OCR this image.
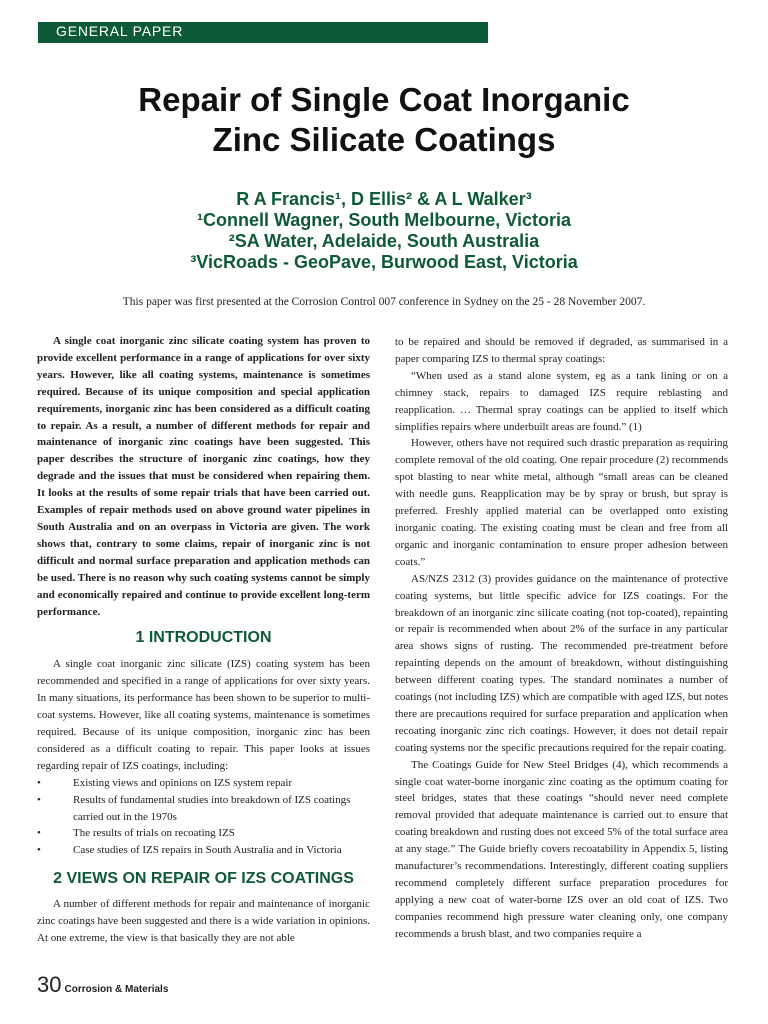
GENERAL PAPER
Repair of Single Coat Inorganic
Zinc Silicate Coatings
R A Francis¹, D Ellis² & A L Walker³
¹Connell Wagner, South Melbourne, Victoria
²SA Water, Adelaide, South Australia
³VicRoads - GeoPave, Burwood East, Victoria
This paper was first presented at the Corrosion Control 007 conference in Sydney on the 25 - 28 November 2007.

A single coat inorganic zinc silicate coating system has proven to provide excellent performance in a range of applications for over sixty years. However, like all coating systems, maintenance is sometimes required. Because of its unique composition and special application requirements, inorganic zinc has been considered as a difficult coating to repair. As a result, a number of different methods for repair and maintenance of inorganic zinc coatings have been suggested. This paper describes the structure of inorganic zinc coatings, how they degrade and the issues that must be considered when repairing them. It looks at the results of some repair trials that have been carried out. Examples of repair methods used on above ground water pipelines in South Australia and on an overpass in Victoria are given. The work shows that, contrary to some claims, repair of inorganic zinc is not difficult and normal surface preparation and application methods can be used. There is no reason why such coating systems cannot be simply and economically repaired and continue to provide excellent long-term performance.

1 INTRODUCTION

A single coat inorganic zinc silicate (IZS) coating system has been recommended and specified in a range of applications for over sixty years. In many situations, its performance has been shown to be superior to multi-coat systems. However, like all coating systems, maintenance is sometimes required. Because of its unique composition, inorganic zinc has been considered as a difficult coating to repair. This paper looks at issues regarding repair of IZS coatings, including:

•	Existing views and opinions on IZS system repair
•	Results of fundamental studies into breakdown of IZS coatings carried out in the 1970s
•	The results of trials on recoating IZS
•	Case studies of IZS repairs in South Australia and in Victoria
2 VIEWS ON REPAIR OF IZS COATINGS

A number of different methods for repair and maintenance of inorganic zinc coatings have been suggested and there is a wide variation in opinions. At one extreme, the view is that basically they are not able

to be repaired and should be removed if degraded, as summarised in a paper comparing IZS to thermal spray coatings:

“When used as a stand alone system, eg as a tank lining or on a chimney stack, repairs to damaged IZS require reblasting and reapplication. … Thermal spray coatings can be applied to itself which simplifies repairs where underbuilt areas are found.” (1)

However, others have not required such drastic preparation as requiring complete removal of the old coating. One repair procedure (2) recommends spot blasting to near white metal, although “small areas can be cleaned with needle guns. Reapplication may be by spray or brush, but spray is preferred. Freshly applied material can be overlapped onto existing inorganic coating. The existing coating must be clean and free from all organic and inorganic contamination to ensure proper adhesion between coats.”

AS/NZS 2312 (3) provides guidance on the maintenance of protective coating systems, but little specific advice for IZS coatings. For the breakdown of an inorganic zinc silicate coating (not top-coated), repainting or repair is recommended when about 2% of the surface in any particular area shows signs of rusting. The recommended pre-treatment before repainting depends on the amount of breakdown, without distinguishing between different coating types. The standard nominates a number of coatings (not including IZS) which are compatible with aged IZS, but notes there are precautions required for surface preparation and application when recoating inorganic zinc rich coatings. However, it does not detail repair coating systems nor the specific precautions required for the repair coating.

The Coatings Guide for New Steel Bridges (4), which recommends a single coat water-borne inorganic zinc coating as the optimum coating for steel bridges, states that these coatings “should never need complete removal provided that adequate maintenance is carried out to ensure that coating breakdown and rusting does not exceed 5% of the total surface area at any stage.” The Guide briefly covers recoatability in Appendix 5, listing manufacturer’s recommendations. Interestingly, different coating suppliers recommend completely different surface preparation procedures for applying a new coat of water-borne IZS over an old coat of IZS. Two companies recommend high pressure water cleaning only, one company recommends a brush blast, and two companies require a

30 Corrosion & Materials
